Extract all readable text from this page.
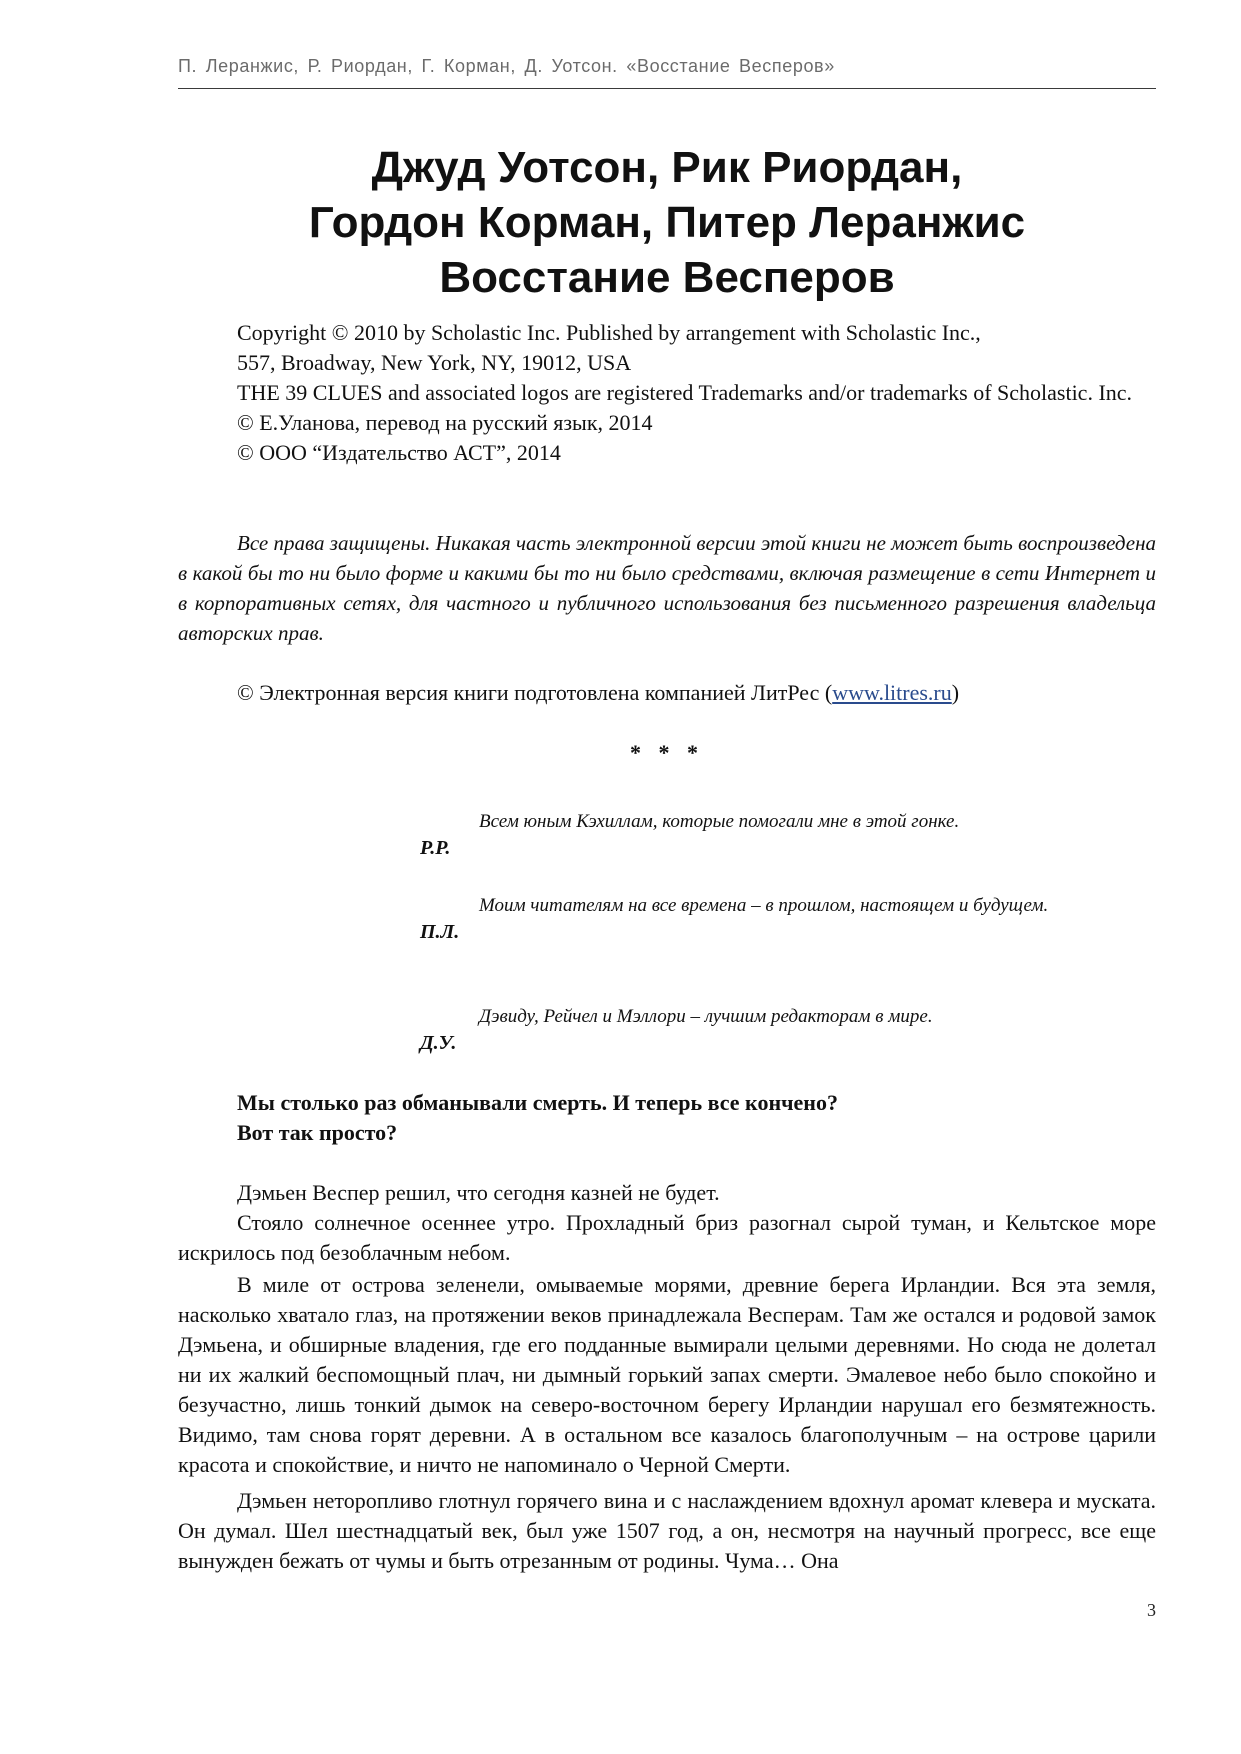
П. Леранжис, Р. Риордан, Г. Корман, Д. Уотсон. «Восстание Весперов»
Джуд Уотсон, Рик Риордан,
Гордон Корман, Питер Леранжис
Восстание Весперов

Copyright © 2010 by Scholastic Inc. Published by arrangement with Scholastic Inc.,

557, Broadway, New York, NY, 19012, USA

THE 39 CLUES and associated logos are registered Trademarks and/or trademarks of Scholastic. Inc.

© Е.Уланова, перевод на русский язык, 2014

© ООО “Издательство АСТ”, 2014

Все права защищены. Никакая часть электронной версии этой книги не может быть воспроизведена в какой бы то ни было форме и какими бы то ни было средствами, включая размещение в сети Интернет и в корпоративных сетях, для частного и публичного использования без письменного разрешения владельца авторских прав.

© Электронная версия книги подготовлена компанией ЛитРес (www.litres.ru)

* * *

Всем юным Кэхиллам, которые помогали мне в этой гонке.

Р.Р.

Моим читателям на все времена – в прошлом, настоящем и будущем.

П.Л.

Дэвиду, Рейчел и Мэллори – лучшим редакторам в мире.

Д.У.

Мы столько раз обманывали смерть. И теперь все кончено?
Вот так просто?

Дэмьен Веспер решил, что сегодня казней не будет.

Стояло солнечное осеннее утро. Прохладный бриз разогнал сырой туман, и Кельтское море искрилось под безоблачным небом.

В миле от острова зеленели, омываемые морями, древние берега Ирландии. Вся эта земля, насколько хватало глаз, на протяжении веков принадлежала Весперам. Там же остался и родовой замок Дэмьена, и обширные владения, где его подданные вымирали целыми деревнями. Но сюда не долетал ни их жалкий беспомощный плач, ни дымный горький запах смерти. Эмалевое небо было спокойно и безучастно, лишь тонкий дымок на северо-восточном берегу Ирландии нарушал его безмятежность. Видимо, там снова горят деревни. А в остальном все казалось благополучным – на острове царили красота и спокойствие, и ничто не напоминало о Черной Смерти.

Дэмьен неторопливо глотнул горячего вина и с наслаждением вдохнул аромат клевера и муската. Он думал. Шел шестнадцатый век, был уже 1507 год, а он, несмотря на научный прогресс, все еще вынужден бежать от чумы и быть отрезанным от родины. Чума… Она

3
